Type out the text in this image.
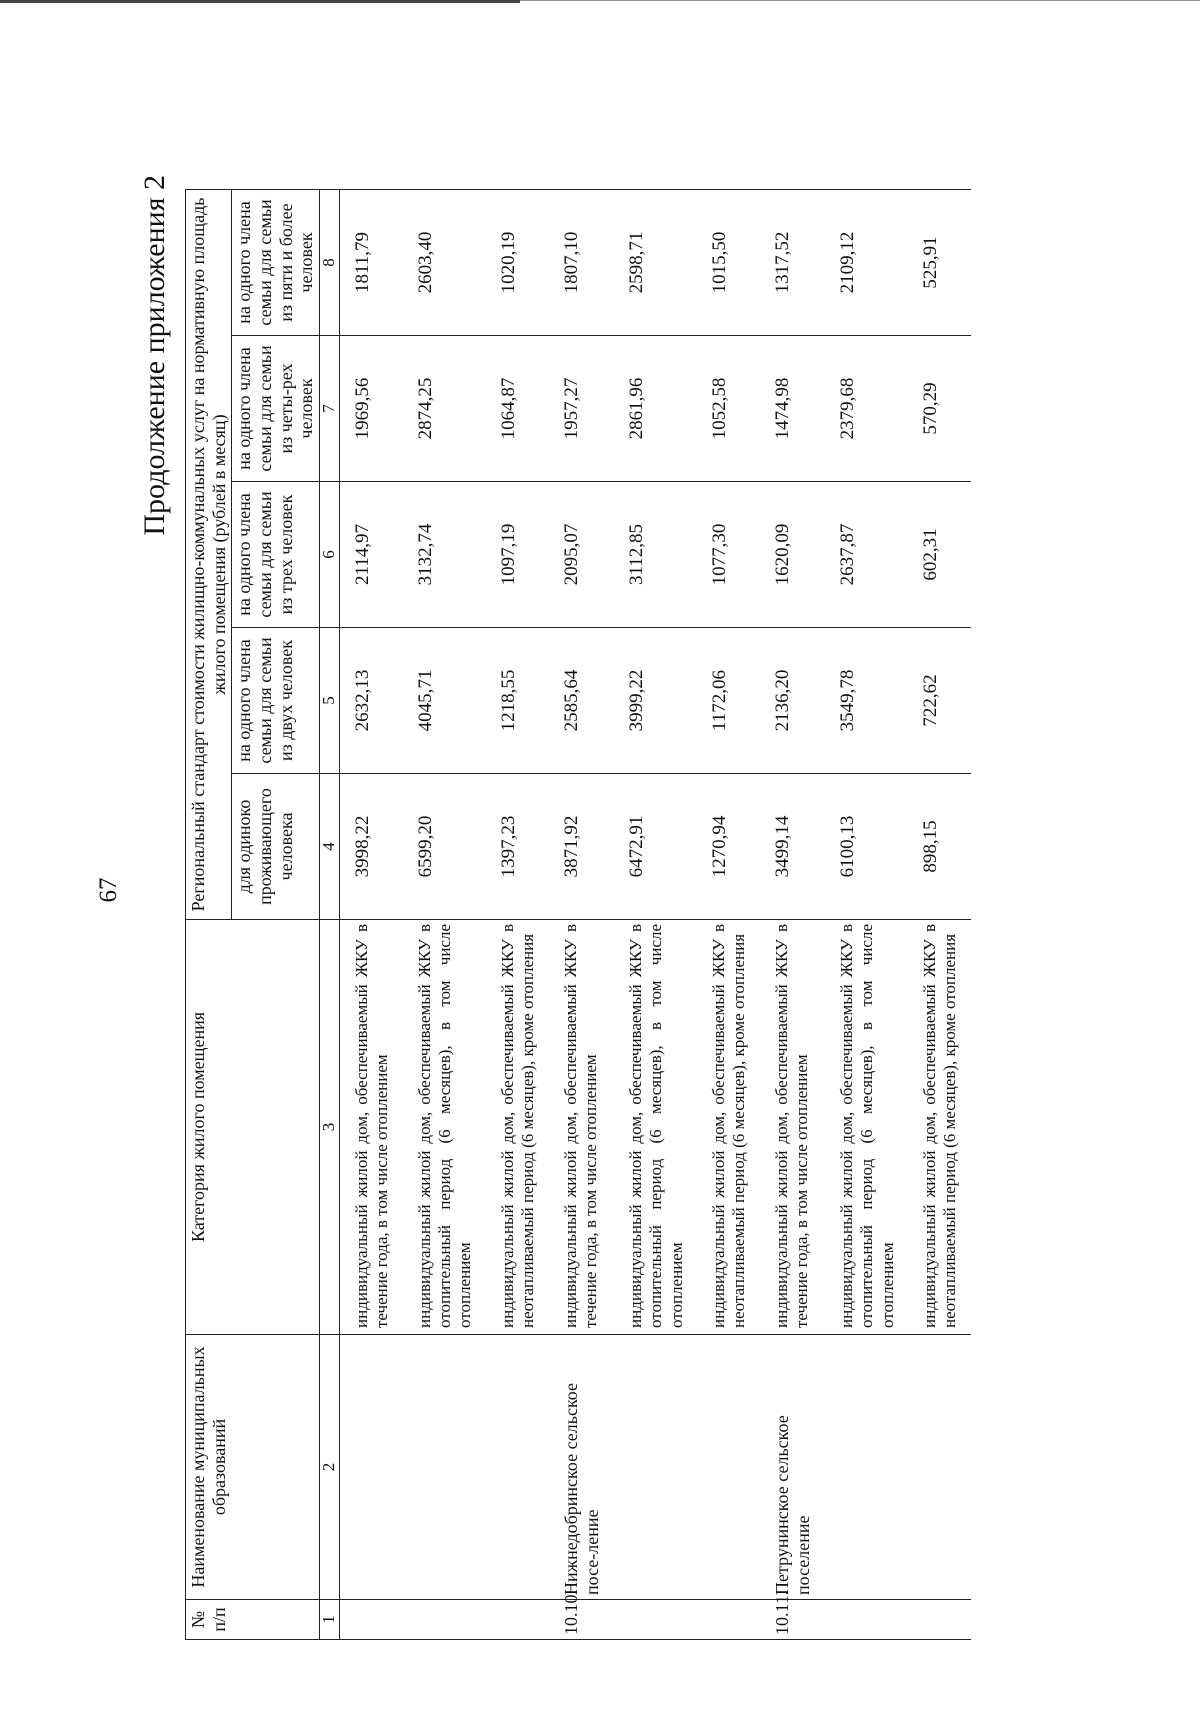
67
Продолжение приложения 2
№ п/п	Наименование муниципальных образований	Категория жилого помещения	Региональный стандарт стоимости жилищно-коммунальных услуг на нормативную площадь жилого помещения (рублей в месяц)				
			для одиноко проживающего человека	на одного члена семьи для семьи из двух человек	на одного члена семьи для семьи из трех человек	на одного члена семьи для семьи из четы-рех человек	на одного члена семьи для семьи из пяти и более человек
1	2	3	4	5	6	7	8
		индивидуальный жилой дом, обеспечиваемый ЖКУ в течение года, в том числе отоплением	3998,22	2632,13	2114,97	1969,56	1811,79
		индивидуальный жилой дом, обеспечиваемый ЖКУ в отопительный период (6 месяцев), в том числе отоплением	6599,20	4045,71	3132,74	2874,25	2603,40
		индивидуальный жилой дом, обеспечиваемый ЖКУ в неотапливаемый период (6 месяцев), кроме отопления	1397,23	1218,55	1097,19	1064,87	1020,19
10.10.	Нижнедобринское сельское посе-ление	индивидуальный жилой дом, обеспечиваемый ЖКУ в течение года, в том числе отоплением	3871,92	2585,64	2095,07	1957,27	1807,10
		индивидуальный жилой дом, обеспечиваемый ЖКУ в отопительный период (6 месяцев), в том числе отоплением	6472,91	3999,22	3112,85	2861,96	2598,71
		индивидуальный жилой дом, обеспечиваемый ЖКУ в неотапливаемый период (6 месяцев), кроме отопления	1270,94	1172,06	1077,30	1052,58	1015,50
10.11.	Петрунинское сельское поселение	индивидуальный жилой дом, обеспечиваемый ЖКУ в течение года, в том числе отоплением	3499,14	2136,20	1620,09	1474,98	1317,52
		индивидуальный жилой дом, обеспечиваемый ЖКУ в отопительный период (6 месяцев), в том числе отоплением	6100,13	3549,78	2637,87	2379,68	2109,12
		индивидуальный жилой дом, обеспечиваемый ЖКУ в неотапливаемый период (6 месяцев), кроме отопления	898,15	722,62	602,31	570,29	525,91
